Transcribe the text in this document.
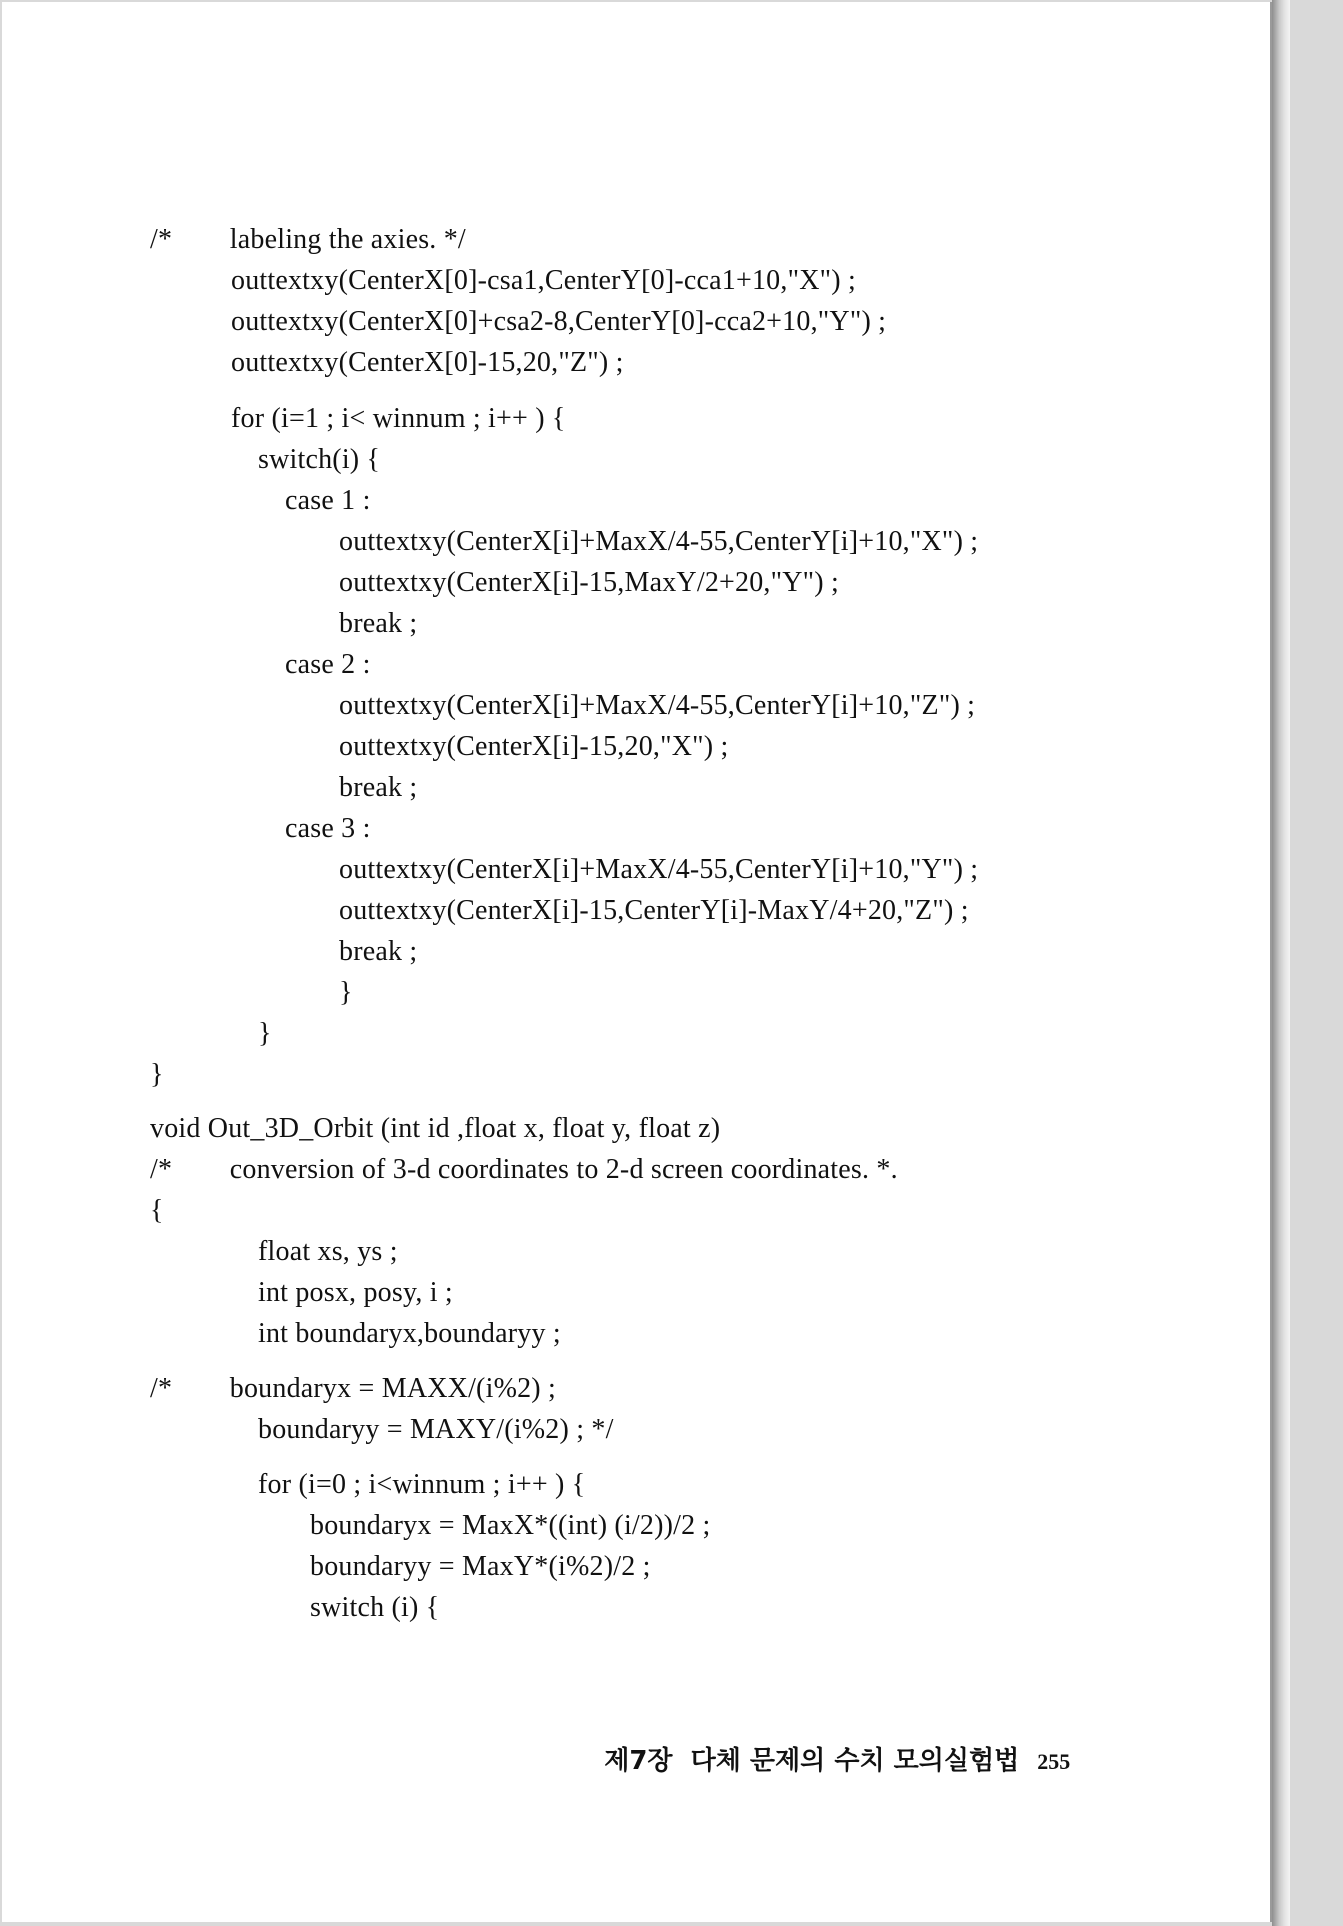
/*        labeling the axies. */
outtextxy(CenterX[0]-csa1,CenterY[0]-cca1+10,"X") ;
outtextxy(CenterX[0]+csa2-8,CenterY[0]-cca2+10,"Y") ;
outtextxy(CenterX[0]-15,20,"Z") ;
for (i=1 ; i< winnum ; i++ ) {
switch(i) {
case 1 :
outtextxy(CenterX[i]+MaxX/4-55,CenterY[i]+10,"X") ;
outtextxy(CenterX[i]-15,MaxY/2+20,"Y") ;
break ;
case 2 :
outtextxy(CenterX[i]+MaxX/4-55,CenterY[i]+10,"Z") ;
outtextxy(CenterX[i]-15,20,"X") ;
break ;
case 3 :
outtextxy(CenterX[i]+MaxX/4-55,CenterY[i]+10,"Y") ;
outtextxy(CenterX[i]-15,CenterY[i]-MaxY/4+20,"Z") ;
break ;
}
}
}
void Out_3D_Orbit (int id ,float x, float y, float z)
/*        conversion of 3-d coordinates to 2-d screen coordinates. *.
{
float xs, ys ;
int posx, posy, i ;
int boundaryx,boundaryy ;
/*        boundaryx = MAXX/(i%2) ;
boundaryy = MAXY/(i%2) ; */
for (i=0 ; i<winnum ; i++ ) {
boundaryx = MaxX*((int) (i/2))/2 ;
boundaryy = MaxY*(i%2)/2 ;
switch (i) {

제7장  다체 문제의 수치 모의실험법 255
